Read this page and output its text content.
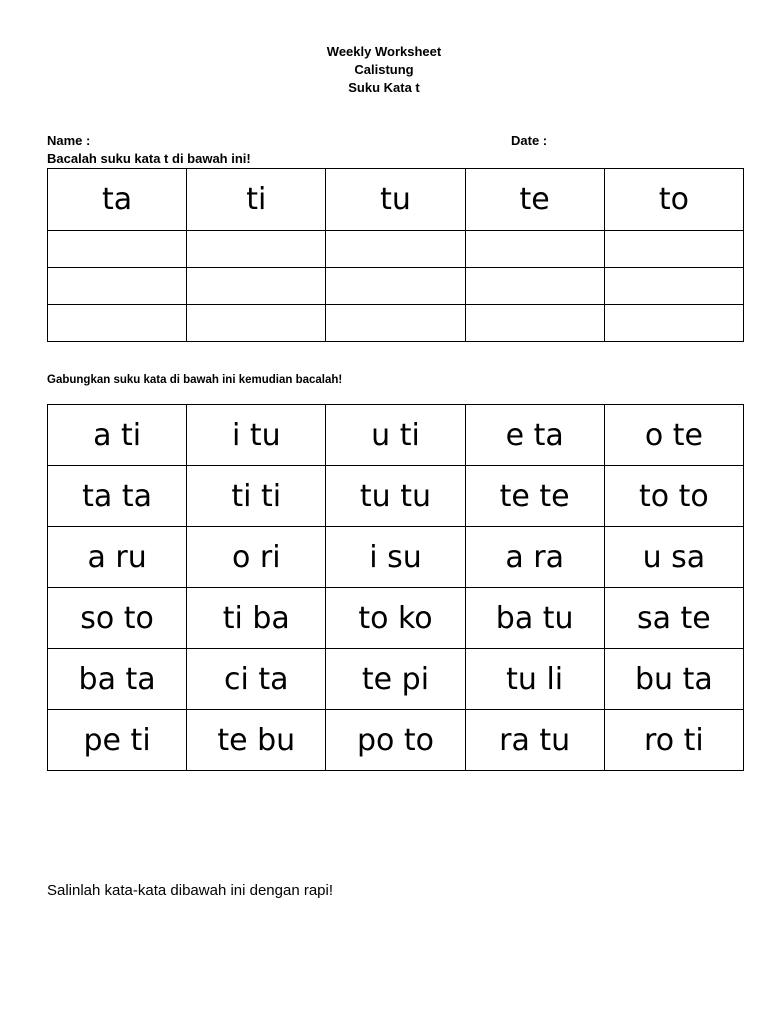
Weekly Worksheet
Calistung
Suku Kata t
Name :	Date :
Bacalah suku kata t di bawah ini!
ta	ti	tu	te	to

Gabungkan suku kata di bawah ini kemudian bacalah!
a ti	i tu	u ti	e ta	o te
ta ta	ti ti	tu tu	te te	to to
a ru	o ri	i su	a ra	u sa
so to	ti ba	to ko	ba tu	sa te
ba ta	ci ta	te pi	tu li	bu ta
pe ti	te bu	po to	ra tu	ro ti
Salinlah kata-kata dibawah ini dengan rapi!
